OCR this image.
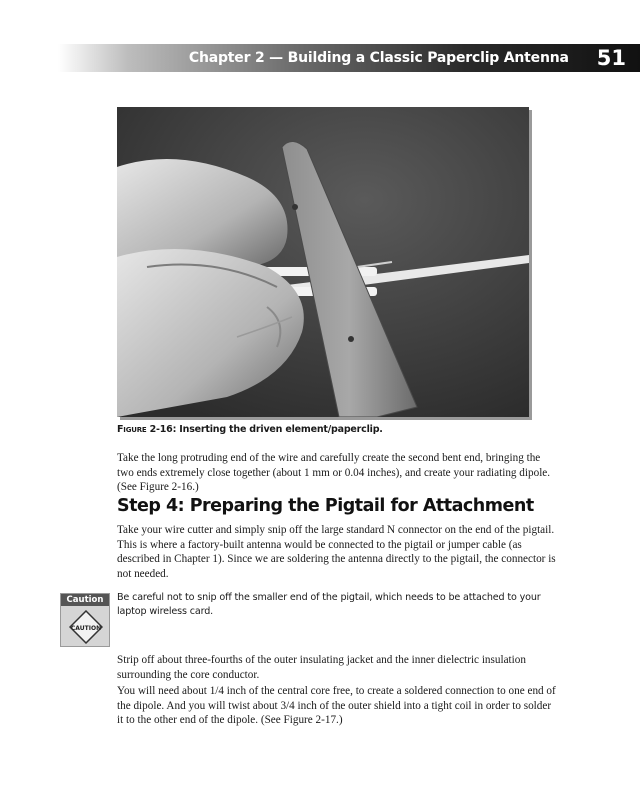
Chapter 2 — Building a Classic Paperclip Antenna 51
Figure 2-16: Inserting the driven element/paperclip.

Take the long protruding end of the wire and carefully create the second bent end, bringing the two ends extremely close together (about 1 mm or 0.04 inches), and create your radiating dipole. (See Figure 2-16.)

Step 4: Preparing the Pigtail for Attachment

Take your wire cutter and simply snip off the large standard N connector on the end of the pigtail. This is where a factory-built antenna would be connected to the pigtail or jumper cable (as described in Chapter 1). Since we are soldering the antenna directly to the pigtail, the connector is not needed.

Caution
CAUTION
Be careful not to snip off the smaller end of the pigtail, which needs to be attached to your laptop wireless card.

Strip off about three-fourths of the outer insulating jacket and the inner dielectric insulation surrounding the core conductor.

You will need about 1/4 inch of the central core free, to create a soldered connection to one end of the dipole. And you will twist about 3/4 inch of the outer shield into a tight coil in order to solder it to the other end of the dipole. (See Figure 2-17.)
